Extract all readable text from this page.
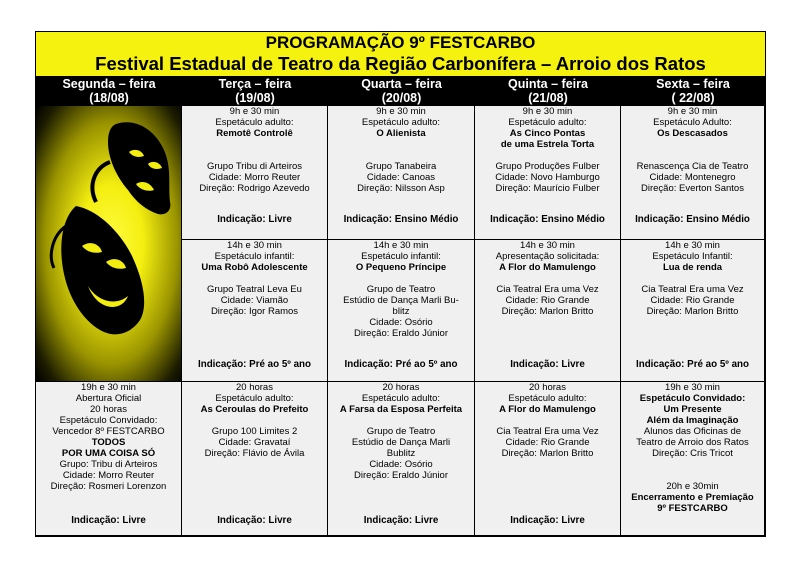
PROGRAMAÇÃO 9º FESTCARBO
Festival Estadual de Teatro da Região Carbonífera – Arroio dos Ratos
Segunda – feira
(18/08)
Terça – feira
(19/08)
Quarta – feira
(20/08)
Quinta – feira
(21/08)
Sexta – feira
( 22/08)
9h e 30 min
Espetáculo adulto:
Remotê Controlê
Grupo Tribu di Arteiros
Cidade: Morro Reuter
Direção: Rodrigo Azevedo
Indicação: Livre
9h e 30 min
Espetáculo adulto:
O Alienista
Grupo Tanabeira
Cidade: Canoas
Direção: Nilsson Asp
Indicação: Ensino Médio
9h e 30 min
Espetáculo adulto:
As Cinco Pontas
de uma Estrela Torta
Grupo Produções Fulber
Cidade: Novo Hamburgo
Direção: Maurício Fulber
Indicação: Ensino Médio
9h e 30 min
Espetáculo Adulto:
Os Descasados
Renascença Cia de Teatro
Cidade: Montenegro
Direção: Everton Santos
Indicação: Ensino Médio
14h e 30 min
Espetáculo infantil:
Uma Robô Adolescente
Grupo Teatral Leva Eu
Cidade: Viamão
Direção: Igor Ramos
Indicação: Pré ao 5º ano
14h e 30 min
Espetáculo infantil:
O Pequeno Príncipe
Grupo de Teatro
Estúdio de Dança Marli Bu-
blitz
Cidade: Osório
Direção: Eraldo Júnior
Indicação: Pré ao 5º ano
14h e 30 min
Apresentação solicitada:
A Flor do Mamulengo
Cia Teatral Era uma Vez
Cidade: Rio Grande
Direção: Marlon Britto
Indicação: Livre
14h e 30 min
Espetáculo Infantil:
Lua de renda
Cia Teatral Era uma Vez
Cidade: Rio Grande
Direção: Marlon Britto
Indicação: Pré ao 5º ano
19h e 30 min
Abertura Oficial
20 horas
Espetáculo Convidado:
Vencedor 8º FESTCARBO
TODOS
POR UMA COISA SÓ
Grupo: Tribu di Arteiros
Cidade: Morro Reuter
Direção: Rosmeri Lorenzon
Indicação: Livre
20 horas
Espetáculo adulto:
As Ceroulas do Prefeito
Grupo 100 Limites 2
Cidade: Gravataí
Direção: Flávio de Ávila
Indicação: Livre
20 horas
Espetáculo adulto:
A Farsa da Esposa Perfeita
Grupo de Teatro
Estúdio de Dança Marli
Bublitz
Cidade: Osório
Direção: Eraldo Júnior
Indicação: Livre
20 horas
Espetáculo adulto:
A Flor do Mamulengo
Cia Teatral Era uma Vez
Cidade: Rio Grande
Direção: Marlon Britto
Indicação: Livre
19h e 30 min
Espetáculo Convidado:
Um Presente
Além da Imaginação
Alunos das Oficinas de
Teatro de Arroio dos Ratos
Direção: Cris Tricot
20h e 30min
Encerramento e Premiação
9º FESTCARBO
